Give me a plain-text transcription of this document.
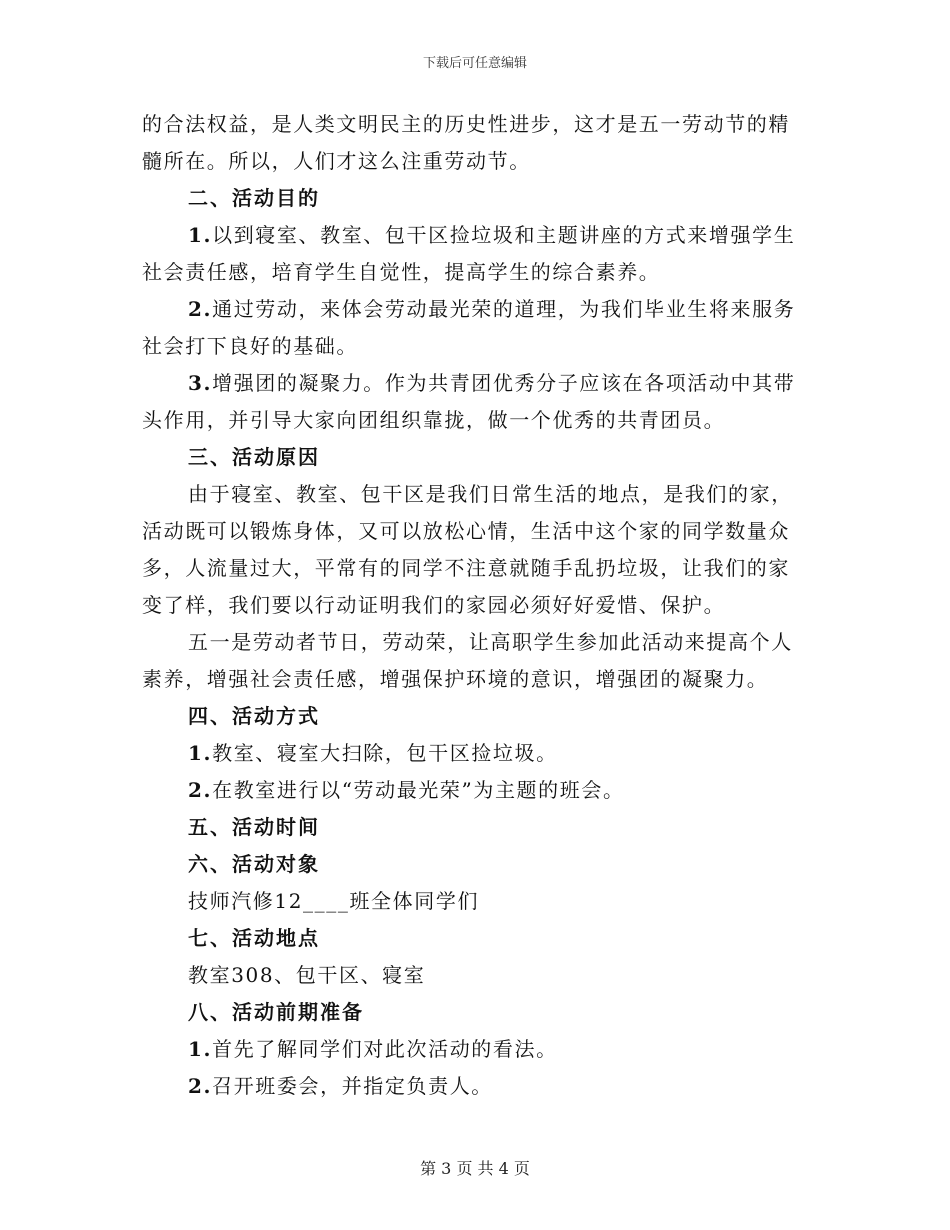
下载后可任意编辑

的合法权益，是人类文明民主的历史性进步，这才是五一劳动节的精髓所在。所以，人们才这么注重劳动节。

二、活动目的

1.以到寝室、教室、包干区捡垃圾和主题讲座的方式来增强学生社会责任感，培育学生自觉性，提高学生的综合素养。

2.通过劳动，来体会劳动最光荣的道理，为我们毕业生将来服务社会打下良好的基础。

3.增强团的凝聚力。作为共青团优秀分子应该在各项活动中其带头作用，并引导大家向团组织靠拢，做一个优秀的共青团员。

三、活动原因

由于寝室、教室、包干区是我们日常生活的地点，是我们的家，活动既可以锻炼身体，又可以放松心情，生活中这个家的同学数量众多，人流量过大，平常有的同学不注意就随手乱扔垃圾，让我们的家变了样，我们要以行动证明我们的家园必须好好爱惜、保护。

五一是劳动者节日，劳动荣，让高职学生参加此活动来提高个人素养，增强社会责任感，增强保护环境的意识，增强团的凝聚力。

四、活动方式

1.教室、寝室大扫除，包干区捡垃圾。

2.在教室进行以“劳动最光荣”为主题的班会。

五、活动时间

六、活动对象

技师汽修12____班全体同学们

七、活动地点

教室308、包干区、寝室

八、活动前期准备

1.首先了解同学们对此次活动的看法。

2.召开班委会，并指定负责人。

第 3 页 共 4 页
